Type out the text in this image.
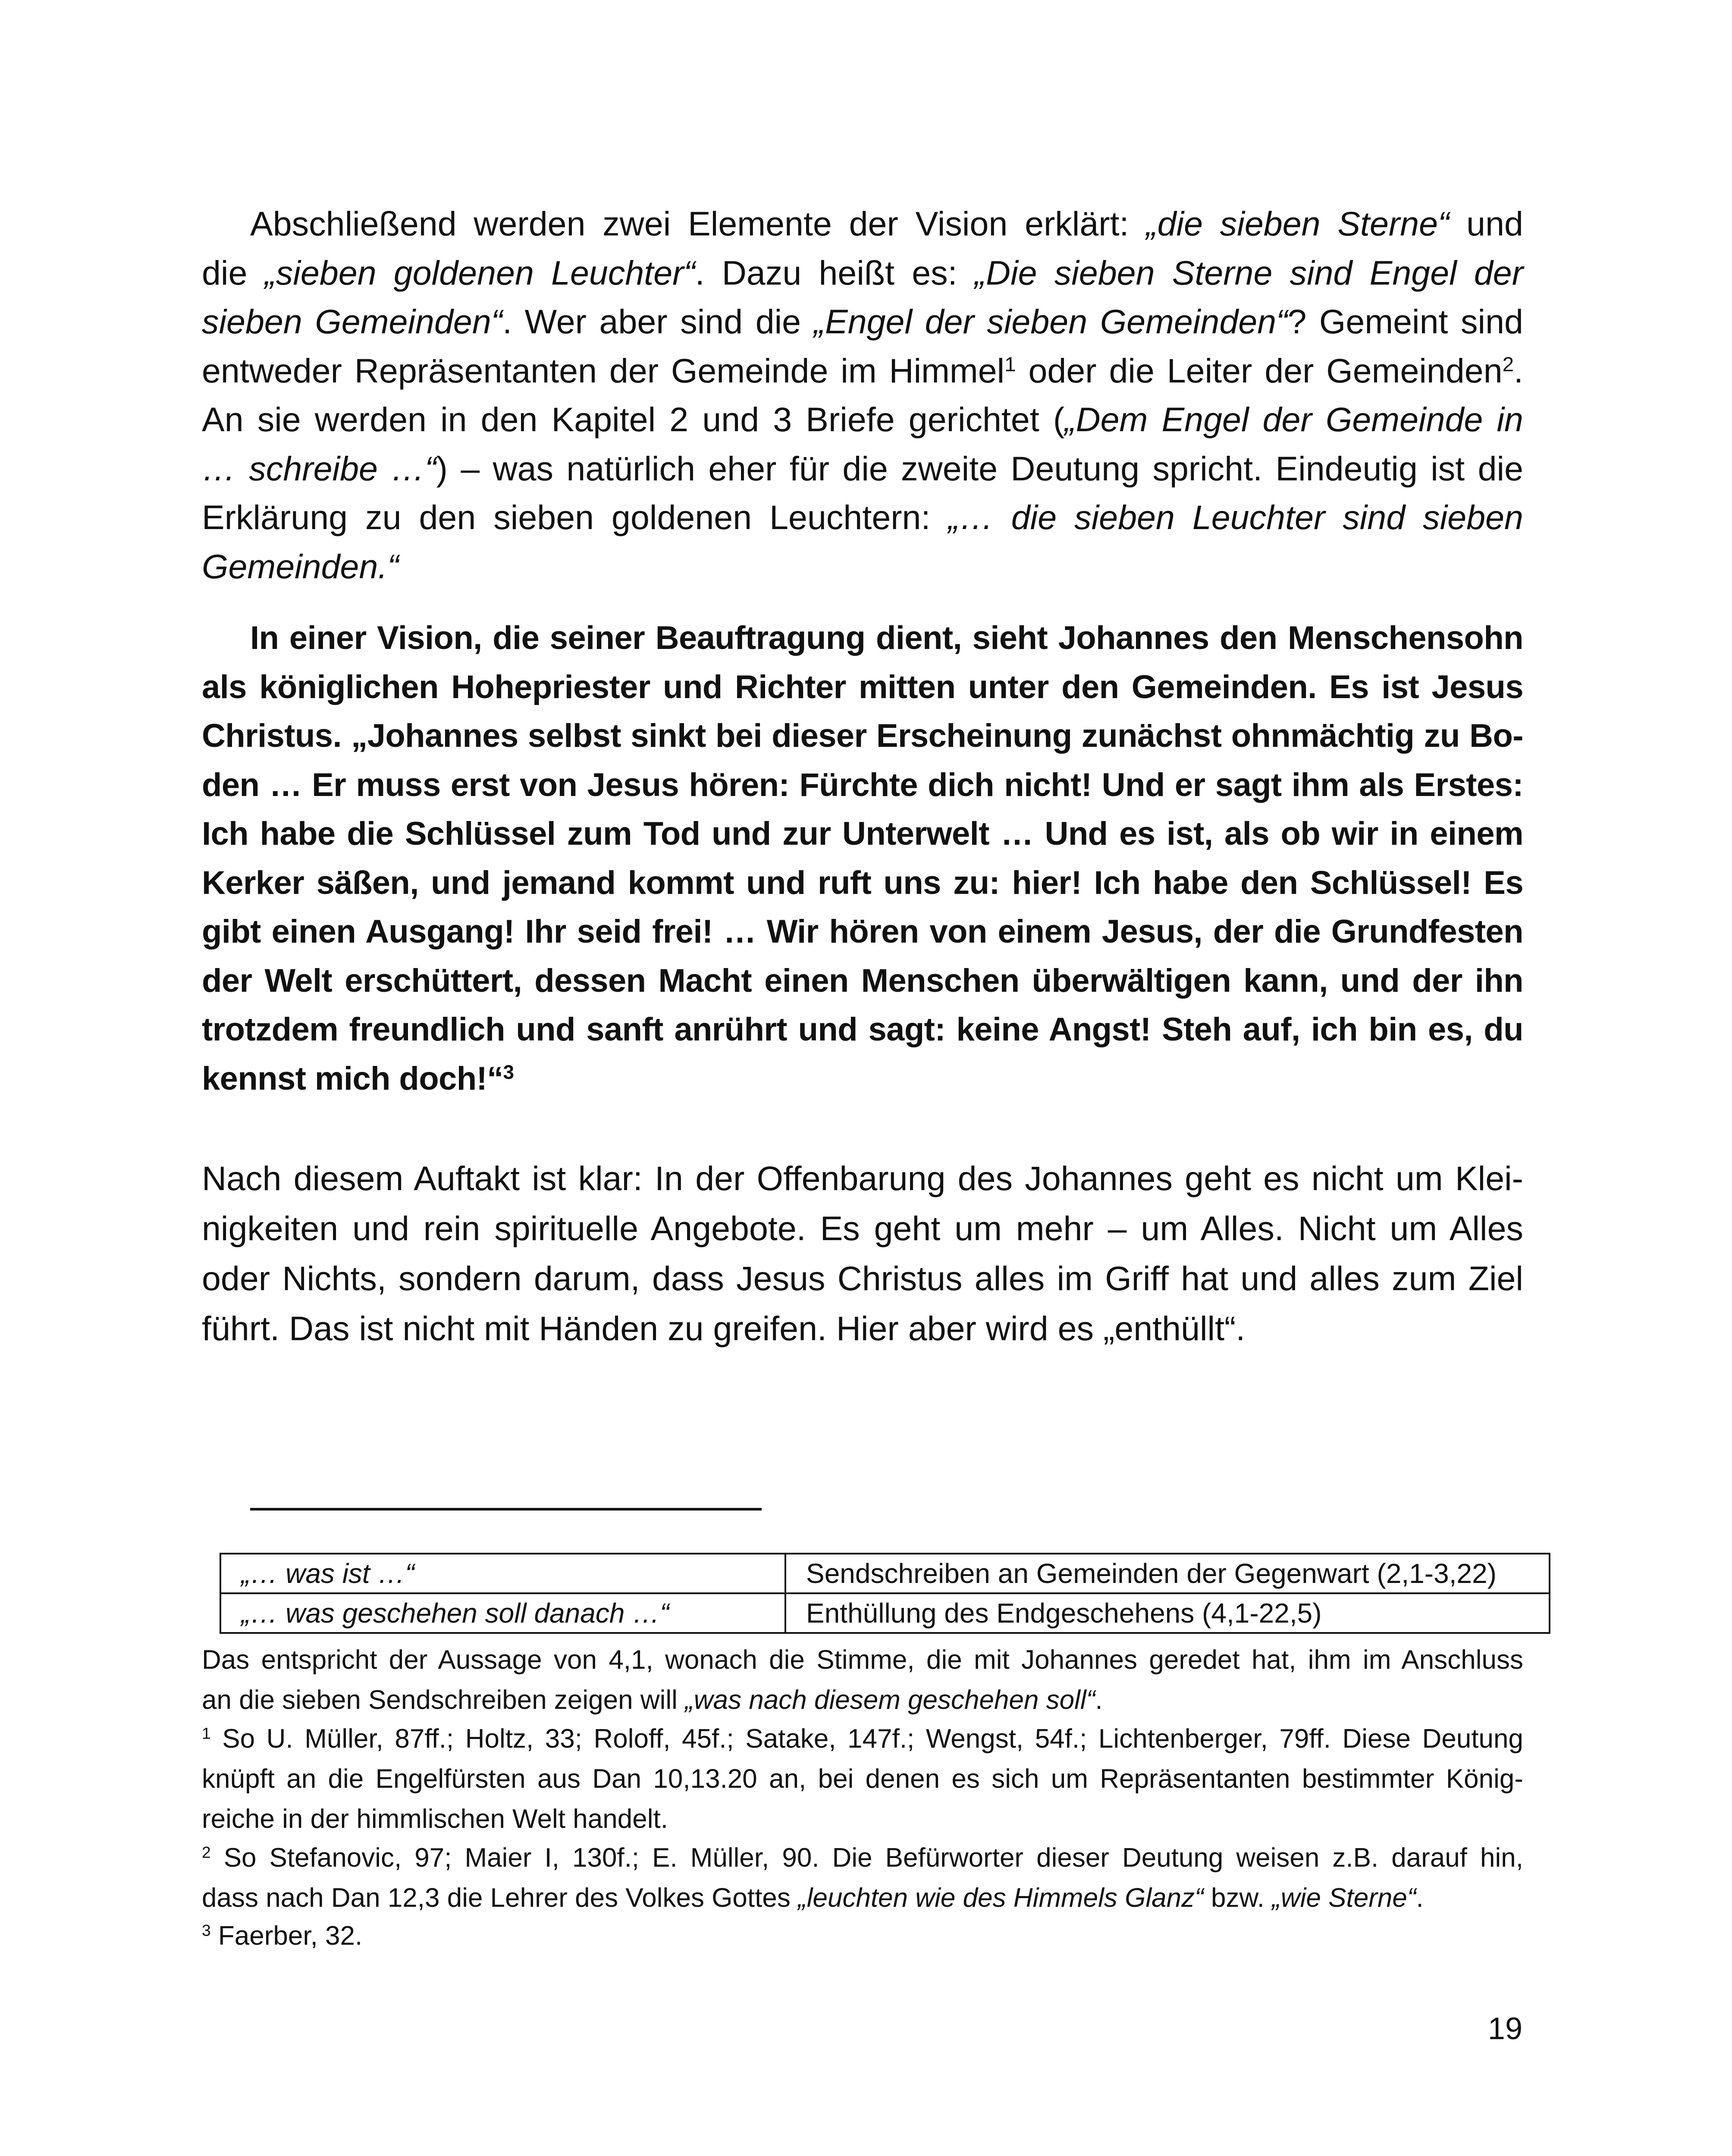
Abschließend werden zwei Elemente der Vision erklärt: „die sieben Sterne“ und
die „sieben goldenen Leuchter“. Dazu heißt es: „Die sieben Sterne sind Engel der
sieben Gemeinden“. Wer aber sind die „Engel der sieben Gemeinden“? Gemeint sind
entweder Repräsentanten der Gemeinde im Himmel$^1$ oder die Leiter der Gemeinden$^2$.
An sie werden in den Kapitel 2 und 3 Briefe gerichtet („Dem Engel der Gemeinde in
… schreibe …“) – was natürlich eher für die zweite Deutung spricht. Eindeutig ist die
Erklärung zu den sieben goldenen Leuchtern: „… die sieben Leuchter sind sieben
Gemeinden.“
In einer Vision, die seiner Beauftragung dient, sieht Johannes den Menschensohn
als königlichen Hohepriester und Richter mitten unter den Gemeinden. Es ist Jesus
Christus. „Johannes selbst sinkt bei dieser Erscheinung zunächst ohnmächtig zu Bo-
den … Er muss erst von Jesus hören: Fürchte dich nicht! Und er sagt ihm als Erstes:
Ich habe die Schlüssel zum Tod und zur Unterwelt … Und es ist, als ob wir in einem
Kerker säßen, und jemand kommt und ruft uns zu: hier! Ich habe den Schlüssel! Es
gibt einen Ausgang! Ihr seid frei! … Wir hören von einem Jesus, der die Grundfesten
der Welt erschüttert, dessen Macht einen Menschen überwältigen kann, und der ihn
trotzdem freundlich und sanft anrührt und sagt: keine Angst! Steh auf, ich bin es, du
kennst mich doch!“$^3$
Nach diesem Auftakt ist klar: In der Offenbarung des Johannes geht es nicht um Klei-
nigkeiten und rein spirituelle Angebote. Es geht um mehr – um Alles. Nicht um Alles
oder Nichts, sondern darum, dass Jesus Christus alles im Griff hat und alles zum Ziel
führt. Das ist nicht mit Händen zu greifen. Hier aber wird es „enthüllt“.
„… was ist …“	Sendschreiben an Gemeinden der Gegenwart (2,1-3,22)
„… was geschehen soll danach …“	Enthüllung des Endgeschehens (4,1-22,5)
Das entspricht der Aussage von 4,1, wonach die Stimme, die mit Johannes geredet hat, ihm im Anschluss
an die sieben Sendschreiben zeigen will „was nach diesem geschehen soll“.
$^1$ So U. Müller, 87ff.; Holtz, 33; Roloff, 45f.; Satake, 147f.; Wengst, 54f.; Lichtenberger, 79ff. Diese Deutung
knüpft an die Engelfürsten aus Dan 10,13.20 an, bei denen es sich um Repräsentanten bestimmter König-
reiche in der himmlischen Welt handelt.
$^2$ So Stefanovic, 97; Maier I, 130f.; E. Müller, 90. Die Befürworter dieser Deutung weisen z.B. darauf hin,
dass nach Dan 12,3 die Lehrer des Volkes Gottes „leuchten wie des Himmels Glanz“ bzw. „wie Sterne“.
$^3$ Faerber, 32.
19
